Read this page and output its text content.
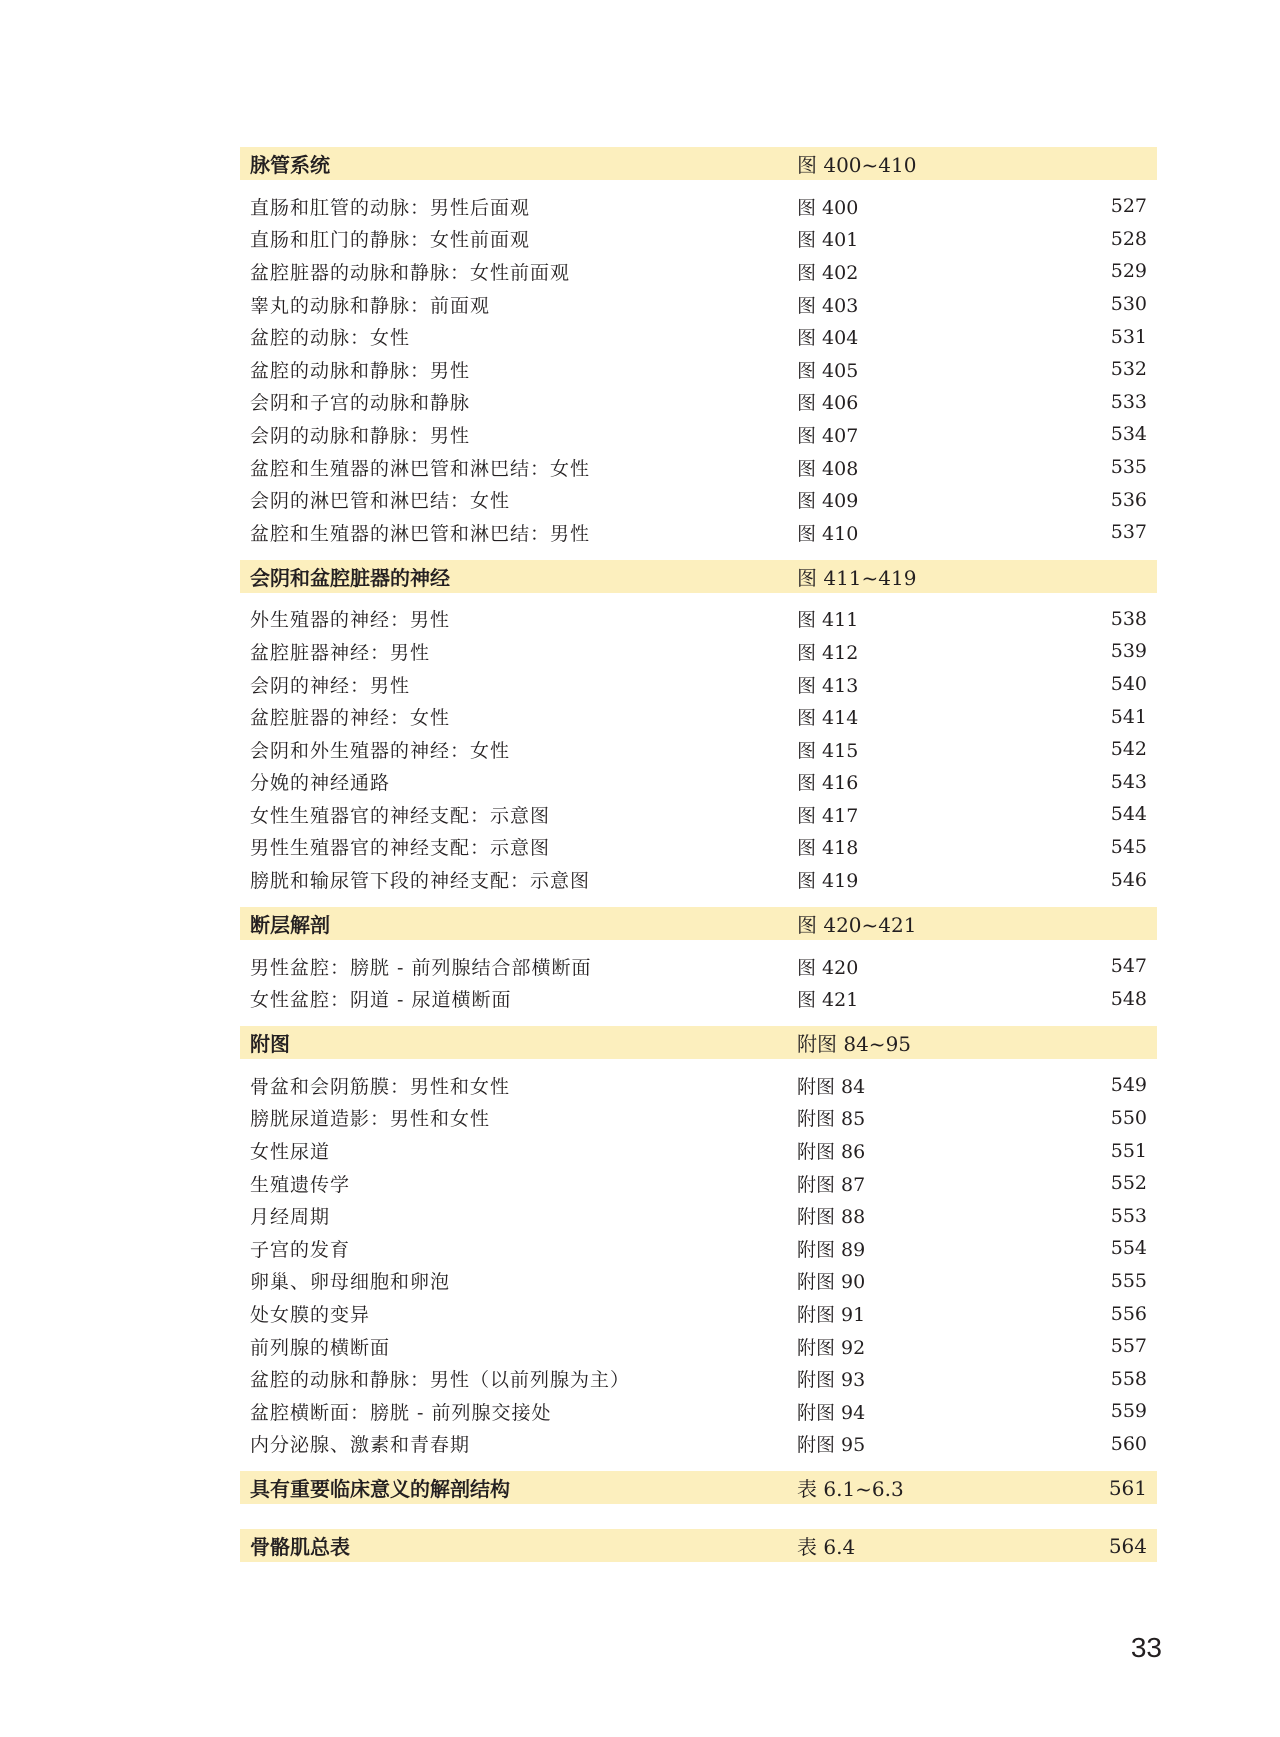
脉管系统	图 400~410
直肠和肛管的动脉：男性后面观	图 400	527
直肠和肛门的静脉：女性前面观	图 401	528
盆腔脏器的动脉和静脉：女性前面观	图 402	529
睾丸的动脉和静脉：前面观	图 403	530
盆腔的动脉：女性	图 404	531
盆腔的动脉和静脉：男性	图 405	532
会阴和子宫的动脉和静脉	图 406	533
会阴的动脉和静脉：男性	图 407	534
盆腔和生殖器的淋巴管和淋巴结：女性	图 408	535
会阴的淋巴管和淋巴结：女性	图 409	536
盆腔和生殖器的淋巴管和淋巴结：男性	图 410	537
会阴和盆腔脏器的神经	图 411~419
外生殖器的神经：男性	图 411	538
盆腔脏器神经：男性	图 412	539
会阴的神经：男性	图 413	540
盆腔脏器的神经：女性	图 414	541
会阴和外生殖器的神经：女性	图 415	542
分娩的神经通路	图 416	543
女性生殖器官的神经支配：示意图	图 417	544
男性生殖器官的神经支配：示意图	图 418	545
膀胱和输尿管下段的神经支配：示意图	图 419	546
断层解剖	图 420~421
男性盆腔：膀胱 - 前列腺结合部横断面	图 420	547
女性盆腔：阴道 - 尿道横断面	图 421	548
附图	附图 84~95
骨盆和会阴筋膜：男性和女性	附图 84	549
膀胱尿道造影：男性和女性	附图 85	550
女性尿道	附图 86	551
生殖遗传学	附图 87	552
月经周期	附图 88	553
子宫的发育	附图 89	554
卵巢、卵母细胞和卵泡	附图 90	555
处女膜的变异	附图 91	556
前列腺的横断面	附图 92	557
盆腔的动脉和静脉：男性（以前列腺为主）	附图 93	558
盆腔横断面：膀胱 - 前列腺交接处	附图 94	559
内分泌腺、激素和青春期	附图 95	560
具有重要临床意义的解剖结构	表 6.1~6.3	561
骨骼肌总表	表 6.4	564
33
